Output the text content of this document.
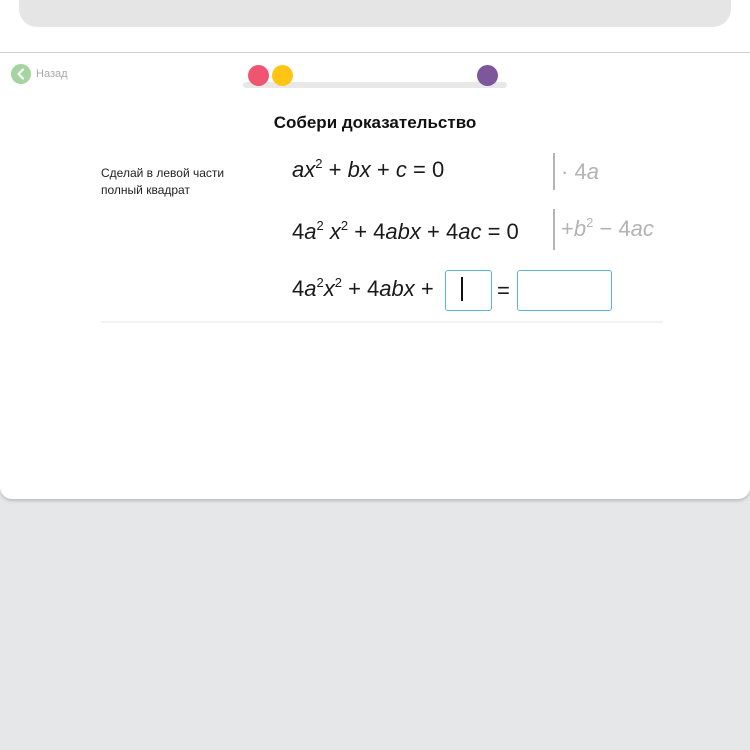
Назад
Собери доказательство
Сделай в левой части полный квадрат
$ax^2$ + bx + c = 0	· 4a
$4a^2$ $x^2 + 4abx + 4ac = 0 +b^2 - 4ac$
$4a^2x^2 + 4abx$ +	=
